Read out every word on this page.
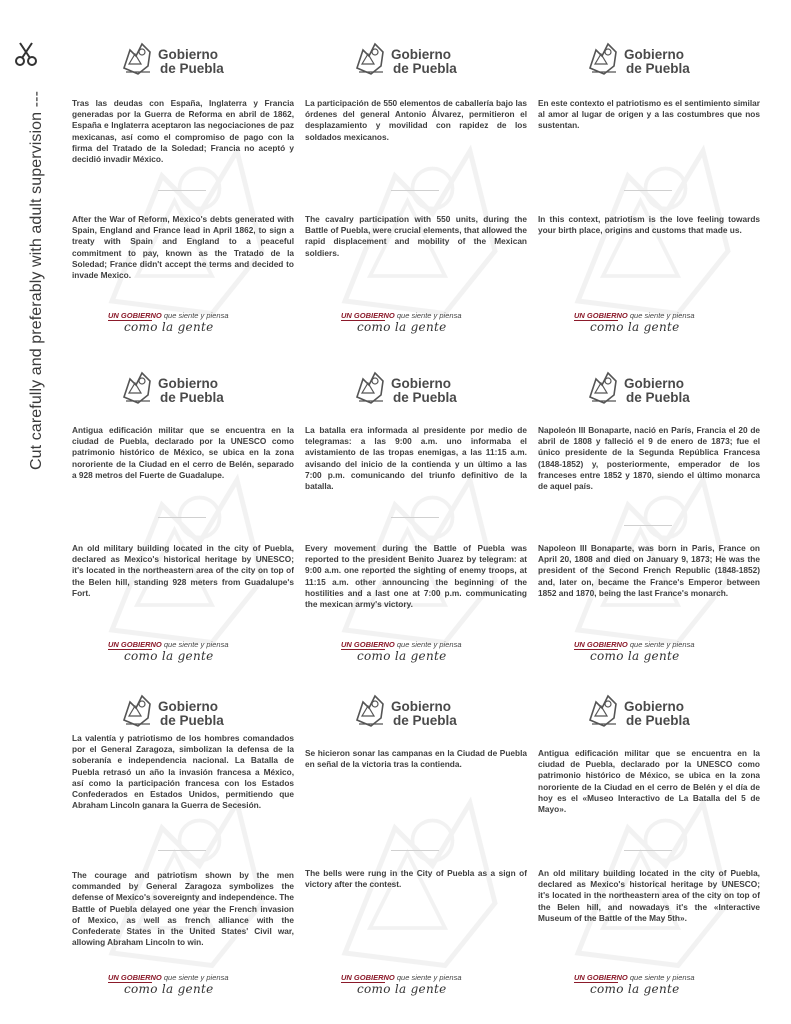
Cut carefully and preferably with adult supervision ---
Gobierno
de Puebla
Tras las deudas con España, Inglaterra y Francia generadas por la Guerra de Reforma en abril de 1862, España e Inglaterra aceptaron las negociaciones de paz mexicanas, así como el compromiso de pago con la firma del Tratado de la Soledad; Francia no aceptó y decidió invadir México.
After the War of Reform, Mexico's debts generated with Spain, England and France lead in April 1862, to sign a treaty with Spain and England to a peaceful commitment to pay, known as the Tratado de la Soledad; France didn't accept the terms and decided to invade Mexico.
UN GOBIERNO que siente y piensa
como la gente
Gobierno
de Puebla
La participación de 550 elementos de caballería bajo las órdenes del general Antonio Álvarez, permitieron el desplazamiento y movilidad con rapidez de los soldados mexicanos.
The cavalry participation with 550 units, during the Battle of Puebla, were crucial elements, that allowed the rapid displacement and mobility of the Mexican soldiers.
UN GOBIERNO que siente y piensa
como la gente
Gobierno
de Puebla
En este contexto el patriotismo es el sentimiento similar al amor al lugar de origen y a las costumbres que nos sustentan.
In this context, patriotism is the love feeling towards your birth place, origins and customs that made us.
UN GOBIERNO que siente y piensa
como la gente
Gobierno
de Puebla
Antigua edificación militar que se encuentra en la ciudad de Puebla, declarado por la UNESCO como patrimonio histórico de México, se ubica en la zona nororiente de la Ciudad en el cerro de Belén, separado a 928 metros del Fuerte de Guadalupe.
An old military building located in the city of Puebla, declared as Mexico's historical heritage by UNESCO; it's located in the northeastern area of the city on top of the Belen hill, standing 928 meters from Guadalupe's Fort.
UN GOBIERNO que siente y piensa
como la gente
Gobierno
de Puebla
La batalla era informada al presidente por medio de telegramas: a las 9:00 a.m. uno informaba el avistamiento de las tropas enemigas, a las 11:15 a.m. avisando del inicio de la contienda y un último a las 7:00 p.m. comunicando del triunfo definitivo de la batalla.
Every movement during the Battle of Puebla was reported to the president Benito Juarez by telegram: at 9:00 a.m. one reported the sighting of enemy troops, at 11:15 a.m. other announcing the beginning of the hostilities and a last one at 7:00 p.m. communicating the mexican army's victory.
UN GOBIERNO que siente y piensa
como la gente
Gobierno
de Puebla
Napoleón III Bonaparte, nació en París, Francia el 20 de abril de 1808 y falleció el 9 de enero de 1873; fue el único presidente de la Segunda República Francesa (1848-1852) y, posteriormente, emperador de los franceses entre 1852 y 1870, siendo el último monarca de aquel país.
Napoleon III Bonaparte, was born in Paris, France on April 20, 1808 and died on January 9, 1873; He was the president of the Second French Republic (1848-1852) and, later on, became the France's Emperor between 1852 and 1870, being the last France's monarch.
UN GOBIERNO que siente y piensa
como la gente
Gobierno
de Puebla
La valentía y patriotismo de los hombres comandados por el General Zaragoza, simbolizan la defensa de la soberanía e independencia nacional. La Batalla de Puebla retrasó un año la invasión francesa a México, así como la participación francesa con los Estados Confederados en Estados Unidos, permitiendo que Abraham Lincoln ganara la Guerra de Secesión.
The courage and patriotism shown by the men commanded by General Zaragoza symbolizes the defense of Mexico's sovereignty and independence. The Battle of Puebla delayed one year the French invasion of Mexico, as well as french alliance with the Confederate States in the United States' Civil war, allowing Abraham Lincoln to win.
UN GOBIERNO que siente y piensa
como la gente
Gobierno
de Puebla
Se hicieron sonar las campanas en la Ciudad de Puebla en señal de la victoria tras la contienda.
The bells were rung in the City of Puebla as a sign of victory after the contest.
UN GOBIERNO que siente y piensa
como la gente
Gobierno
de Puebla
Antigua edificación militar que se encuentra en la ciudad de Puebla, declarado por la UNESCO como patrimonio histórico de México, se ubica en la zona nororiente de la Ciudad en el cerro de Belén y el día de hoy es el «Museo Interactivo de La Batalla del 5 de Mayo».
An old military building located in the city of Puebla, declared as Mexico's historical heritage by UNESCO; it's located in the northeastern area of the city on top of the Belen hill, and nowadays it's the «Interactive Museum of the Battle of the May 5th».
UN GOBIERNO que siente y piensa
como la gente
